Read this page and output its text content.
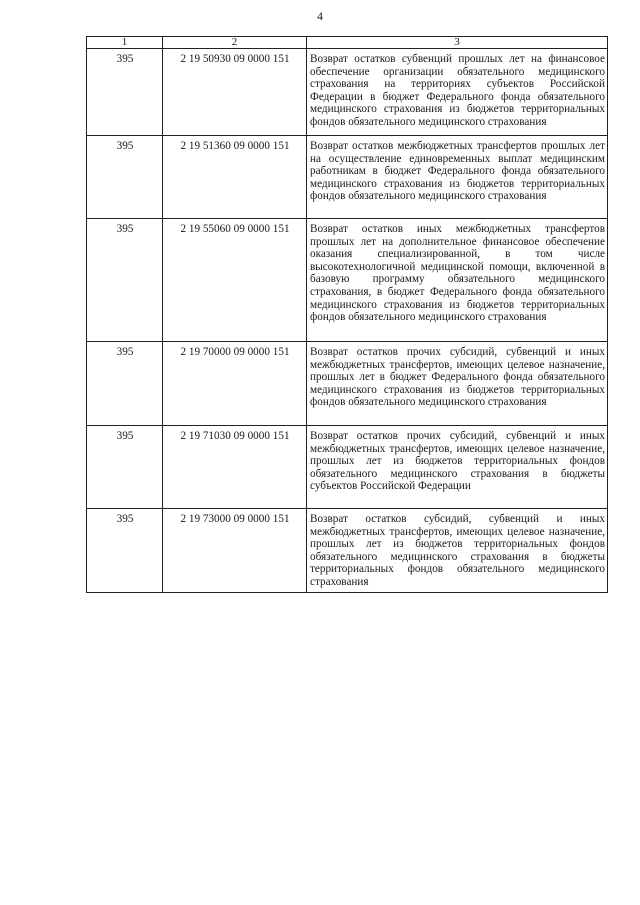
4
1	2	3
395	2 19 50930 09 0000 151	Возврат остатков субвенций прошлых лет на финансовое обеспечение организации обязательного медицинского страхования на территориях субъектов Российской Федерации в бюджет Федерального фонда обязательного медицинского страхования из бюджетов территориальных фондов обязательного медицинского страхования
395	2 19 51360 09 0000 151	Возврат остатков межбюджетных трансфертов прошлых лет на осуществление единовременных выплат медицинским работникам в бюджет Федерального фонда обязательного медицинского страхования из бюджетов территориальных фондов обязательного медицинского страхования
395	2 19 55060 09 0000 151	Возврат остатков иных межбюджетных трансфертов прошлых лет на дополнительное финансовое обеспечение оказания специализированной, в том числе высокотехнологичной медицинской помощи, включенной в базовую программу обязательного медицинского страхования, в бюджет Федерального фонда обязательного медицинского страхования из бюджетов территориальных фондов обязательного медицинского страхования
395	2 19 70000 09 0000 151	Возврат остатков прочих субсидий, субвенций и иных межбюджетных трансфертов, имеющих целевое назначение, прошлых лет в бюджет Федерального фонда обязательного медицинского страхования из бюджетов территориальных фондов обязательного медицинского страхования
395	2 19 71030 09 0000 151	Возврат остатков прочих субсидий, субвенций и иных межбюджетных трансфертов, имеющих целевое назначение, прошлых лет из бюджетов территориальных фондов обязательного медицинского страхования в бюджеты субъектов Российской Федерации
395	2 19 73000 09 0000 151	Возврат остатков субсидий, субвенций и иных межбюджетных трансфертов, имеющих целевое назначение, прошлых лет из бюджетов территориальных фондов обязательного медицинского страхования в бюджеты территориальных фондов обязательного медицинского страхования
